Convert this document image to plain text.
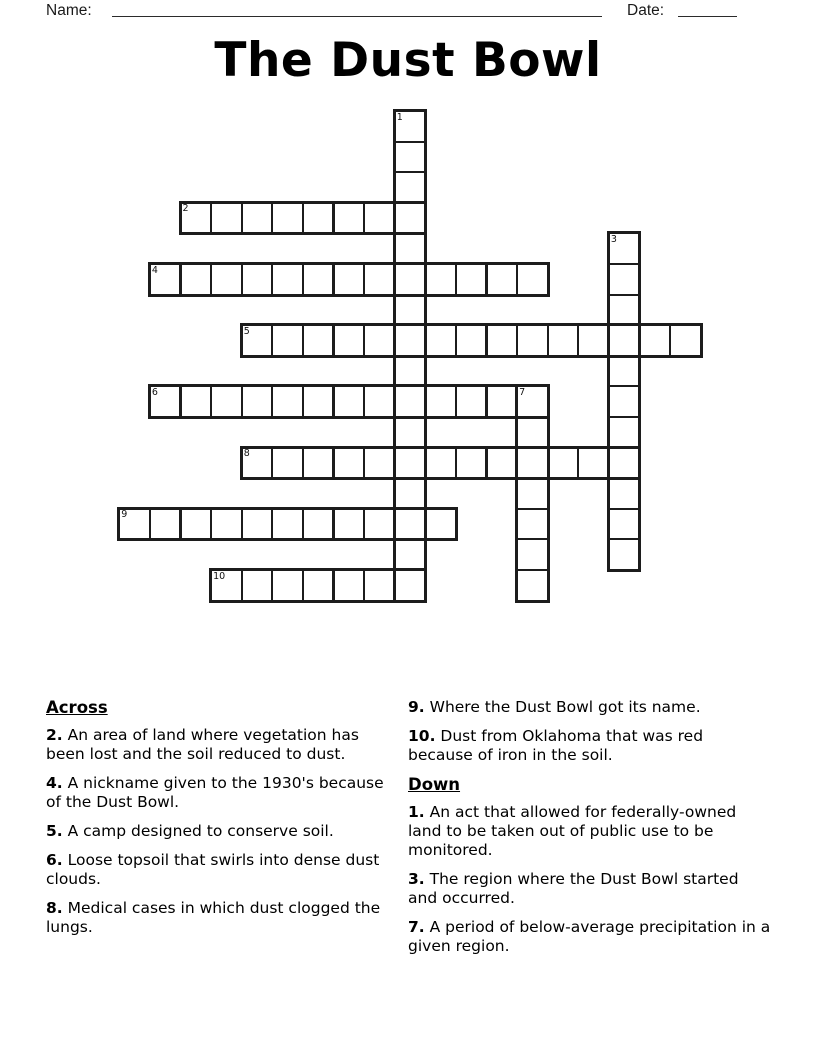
Name:	Date:
The Dust Bowl
1
2
3
4
5
6	7
8
9
10
Across
2. An area of land where vegetation has been lost and the soil reduced to dust.
4. A nickname given to the 1930's because of the Dust Bowl.
5. A camp designed to conserve soil.
6. Loose topsoil that swirls into dense dust clouds.
8. Medical cases in which dust clogged the lungs.
9. Where the Dust Bowl got its name.
10. Dust from Oklahoma that was red because of iron in the soil.
Down
1. An act that allowed for federally-owned land to be taken out of public use to be monitored.
3. The region where the Dust Bowl started and occurred.
7. A period of below-average precipitation in a given region.
